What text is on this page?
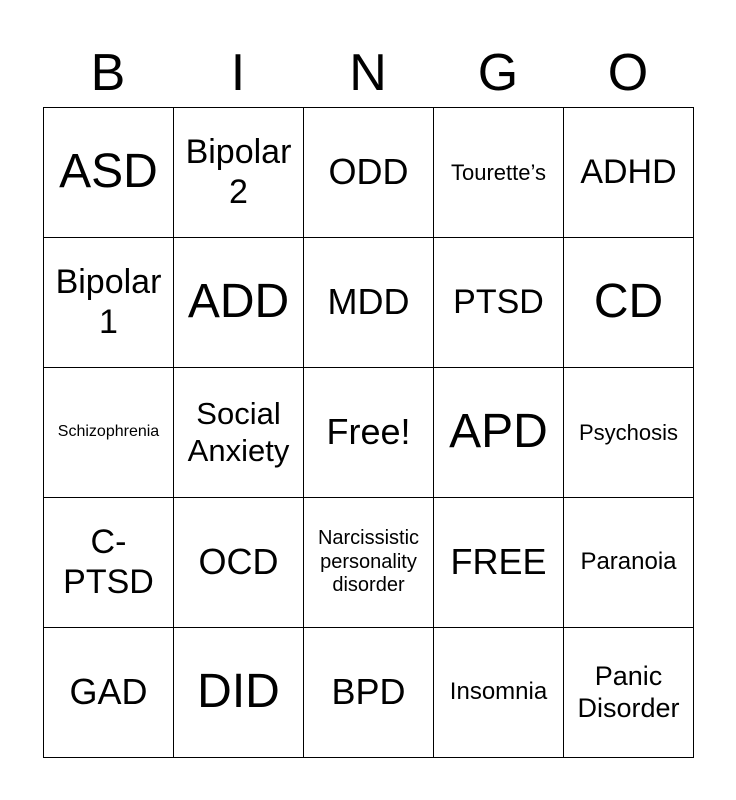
B	I	N	G	O
ASD	Bipolar 2	ODD	Tourette’s	ADHD
Bipolar 1	ADD	MDD	PTSD	CD
Schizophrenia	Social Anxiety	Free!	APD	Psychosis
C-PTSD	OCD	Narcissistic personality disorder	FREE	Paranoia
GAD	DID	BPD	Insomnia	Panic Disorder
